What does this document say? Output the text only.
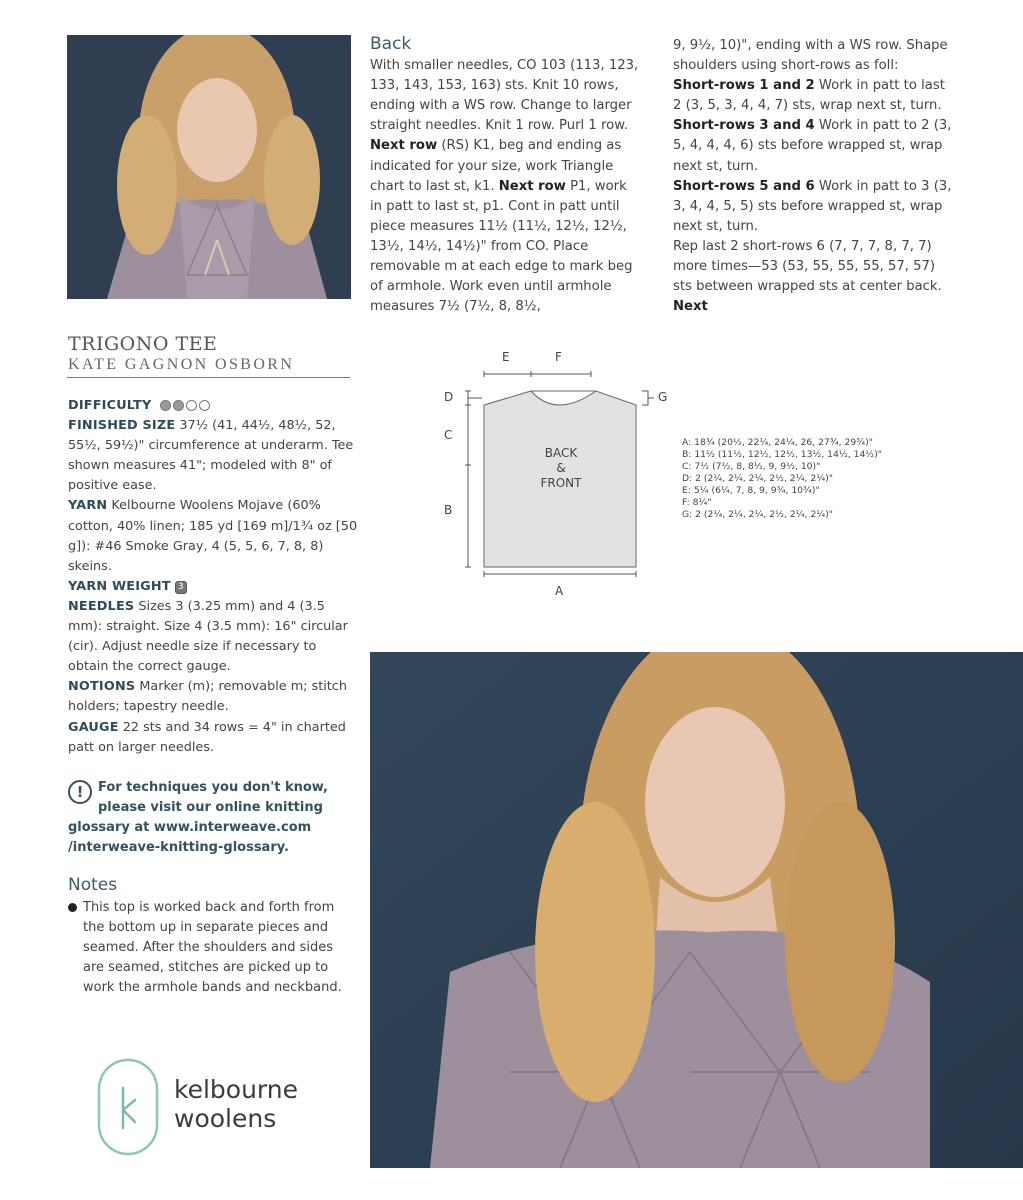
Back
With smaller needles, CO 103 (113, 123, 133, 143, 153, 163) sts. Knit 10 rows, ending with a WS row. Change to larger straight needles. Knit 1 row. Purl 1 row. Next row (RS) K1, beg and ending as indicated for your size, work Triangle chart to last st, k1. Next row P1, work in patt to last st, p1. Cont in patt until piece measures 11½ (11½, 12½, 12½, 13½, 14½, 14½)" from CO. Place removable m at each edge to mark beg of armhole. Work even until armhole measures 7½ (7½, 8, 8½,
9, 9½, 10)", ending with a WS row. Shape shoulders using short-rows as foll:
Short-rows 1 and 2 Work in patt to last 2 (3, 5, 3, 4, 4, 7) sts, wrap next st, turn.
Short-rows 3 and 4 Work in patt to 2 (3, 5, 4, 4, 4, 6) sts before wrapped st, wrap next st, turn.
Short-rows 5 and 6 Work in patt to 3 (3, 3, 4, 4, 5, 5) sts before wrapped st, wrap next st, turn.
Rep last 2 short-rows 6 (7, 7, 7, 8, 7, 7) more times—53 (53, 55, 55, 55, 57, 57) sts between wrapped sts at center back. Next
TRIGONO TEE
KATE GAGNON OSBORN

DIFFICULTY

FINISHED SIZE 37½ (41, 44½, 48½, 52, 55½, 59½)" circumference at underarm. Tee shown measures 41"; modeled with 8" of positive ease.

YARN Kelbourne Woolens Mojave (60% cotton, 40% linen; 185 yd [169 m]/1¾ oz [50 g]): #46 Smoke Gray, 4 (5, 5, 6, 7, 8, 8) skeins.

YARN WEIGHT 3

NEEDLES Sizes 3 (3.25 mm) and 4 (3.5 mm): straight. Size 4 (3.5 mm): 16" circular (cir). Adjust needle size if necessary to obtain the correct gauge.

NOTIONS Marker (m); removable m; stitch holders; tapestry needle.

GAUGE 22 sts and 34 rows = 4" in charted patt on larger needles.

!	For techniques you don't know,
please visit our online knitting
glossary at www.interweave.com
/interweave-knitting-glossary.
Notes
This top is worked back and forth from the bottom up in separate pieces and seamed. After the shoulders and sides are seamed, stitches are picked up to work the armhole bands and neckband.
kelbourne
woolens
E	F
D
C
B
G
A
BACK
&
FRONT
A: 18¾ (20½, 22¼, 24¼, 26, 27¾, 29¾)"
B: 11½ (11½, 12½, 12½, 13½, 14½, 14½)"
C: 7½ (7½, 8, 8½, 9, 9½, 10)"
D: 2 (2¼, 2¼, 2¼, 2½, 2¼, 2¼)"
E: 5¼ (6¼, 7, 8, 9, 9¾, 10¾)"
F: 8¼"
G: 2 (2¼, 2¼, 2¼, 2½, 2¼, 2¼)"
